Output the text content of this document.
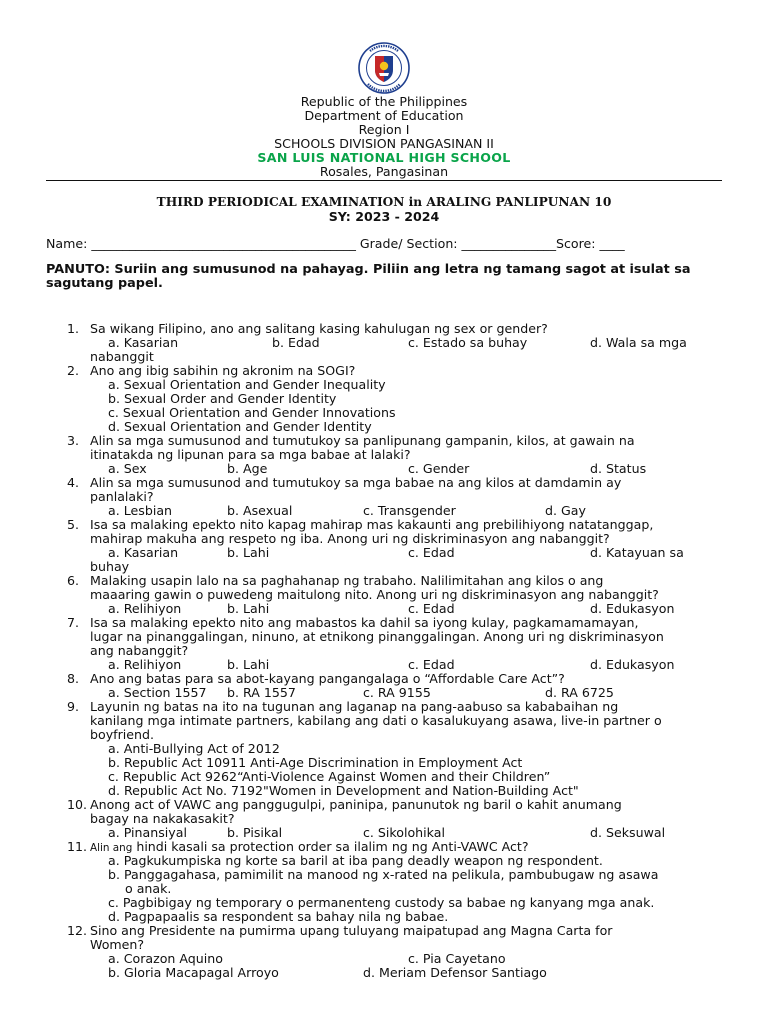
Republic of the Philippines
Department of Education
Region I
SCHOOLS DIVISION PANGASINAN II
SAN LUIS NATIONAL HIGH SCHOOL
Rosales, Pangasinan
THIRD PERIODICAL EXAMINATION in ARALING PANLIPUNAN 10
SY: 2023 - 2024
Name: __________________________________________ Grade/ Section: _______________Score: ____
PANUTO: Suriin ang sumusunod na pahayag. Piliin ang letra ng tamang sagot at isulat sa sagutang papel.
1. Sa wikang Filipino, ano ang salitang kasing kahulugan ng sex or gender?
a. Kasarian	b. Edad	c. Estado sa buhay	d. Wala sa mga
nabanggit
2. Ano ang ibig sabihin ng akronim na SOGI?
a. Sexual Orientation and Gender Inequality
b. Sexual Order and Gender Identity
c. Sexual Orientation and Gender Innovations
d. Sexual Orientation and Gender Identity
3. Alin sa mga sumusunod and tumutukoy sa panlipunang gampanin, kilos, at gawain na
itinatakda ng lipunan para sa mga babae at lalaki?
a. Sex	b. Age	c. Gender	d. Status
4. Alin sa mga sumusunod and tumutukoy sa mga babae na ang kilos at damdamin ay
panlalaki?
a. Lesbian	b. Asexual	c. Transgender	d. Gay
5. Isa sa malaking epekto nito kapag mahirap mas kakaunti ang prebilihiyong natatanggap,
mahirap makuha ang respeto ng iba. Anong uri ng diskriminasyon ang nabanggit?
a. Kasarian	b. Lahi	c. Edad	d. Katayuan sa
buhay
6. Malaking usapin lalo na sa paghahanap ng trabaho. Nalilimitahan ang kilos o ang
maaaring gawin o puwedeng maitulong nito. Anong uri ng diskriminasyon ang nabanggit?
a. Relihiyon	b. Lahi	c. Edad	d. Edukasyon
7. Isa sa malaking epekto nito ang mabastos ka dahil sa iyong kulay, pagkamamamayan,
lugar na pinanggalingan, ninuno, at etnikong pinanggalingan. Anong uri ng diskriminasyon
ang nabanggit?
a. Relihiyon	b. Lahi	c. Edad	d. Edukasyon
8. Ano ang batas para sa abot-kayang pangangalaga o “Affordable Care Act”?
a. Section 1557 b. RA 1557	c. RA 9155	d. RA 6725
9. Layunin ng batas na ito na tugunan ang laganap na pang-aabuso sa kababaihan ng
kanilang mga intimate partners, kabilang ang dati o kasalukuyang asawa, live-in partner o
boyfriend.
a. Anti-Bullying Act of 2012
b. Republic Act 10911 Anti-Age Discrimination in Employment Act
c. Republic Act 9262“Anti-Violence Against Women and their Children”
d. Republic Act No. 7192"Women in Development and Nation-Building Act"
10. Anong act of VAWC ang panggugulpi, paninipa, panunutok ng baril o kahit anumang
bagay na nakakasakit?
a. Pinansiyal	b. Pisikal	c. Sikolohikal	d. Seksuwal
11. Alin ang hindi kasali sa protection order sa ilalim ng ng Anti-VAWC Act?
a. Pagkukumpiska ng korte sa baril at iba pang deadly weapon ng respondent.
b. Panggagahasa, pamimilit na manood ng x-rated na pelikula, pambubugaw ng asawa
o anak.
c. Pagbibigay ng temporary o permanenteng custody sa babae ng kanyang mga anak.
d. Pagpapaalis sa respondent sa bahay nila ng babae.
12. Sino ang Presidente na pumirma upang tuluyang maipatupad ang Magna Carta for
Women?
a. Corazon Aquino	c. Pia Cayetano
b. Gloria Macapagal Arroyo	d. Meriam Defensor Santiago
